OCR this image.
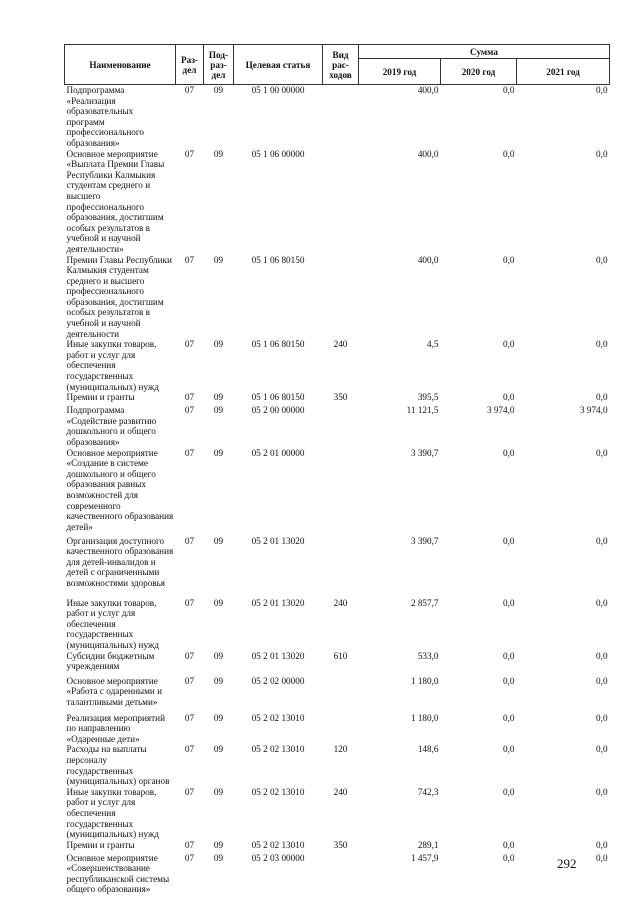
Наименование	Раз-дел	Под-раз-дел	Целевая статья	Вид рас-ходов	Сумма		
					2019 год	2020 год	2021 год
Подпрограмма «Реализация образовательных программ профессионального образования»	07	09	05 1 00 00000		400,0	0,0	0,0
Основное мероприятие «Выплата Премии Главы Республики Калмыкия студентам среднего и высшего профессионального образования, достигшим особых результатов в учебной и научной деятельности»	07	09	05 1 06 00000		400,0	0,0	0,0
Премии Главы Республики Калмыкия студентам среднего и высшего профессионального образования, достигшим особых результатов в учебной и научной деятельности	07	09	05 1 06 80150		400,0	0,0	0,0
Иные закупки товаров, работ и услуг для обеспечения государственных (муниципальных) нужд	07	09	05 1 06 80150	240	4,5	0,0	0,0
Премии и гранты	07	09	05 1 06 80150	350	395,5	0,0	0,0
Подпрограмма «Содействие развитию дошкольного и общего образования»	07	09	05 2 00 00000		11 121,5	3 974,0	3 974,0
Основное мероприятие «Создание в системе дошкольного и общего образования равных возможностей для современного качественного образования детей»	07	09	05 2 01 00000		3 390,7	0,0	0,0
Организация доступного качественного образования для детей-инвалидов и детей с ограниченными возможностями здоровья	07	09	05 2 01 13020		3 390,7	0,0	0,0
Иные закупки товаров, работ и услуг для обеспечения государственных (муниципальных) нужд	07	09	05 2 01 13020	240	2 857,7	0,0	0,0
Субсидии бюджетным учреждениям	07	09	05 2 01 13020	610	533,0	0,0	0,0
Основное мероприятие «Работа с одаренными и талантливыми детьми»	07	09	05 2 02 00000		1 180,0	0,0	0,0
Реализация мероприятий по направлению «Одаренные дети»	07	09	05 2 02 13010		1 180,0	0,0	0,0
Расходы на выплаты персоналу государственных (муниципальных) органов	07	09	05 2 02 13010	120	148,6	0,0	0,0
Иные закупки товаров, работ и услуг для обеспечения государственных (муниципальных) нужд	07	09	05 2 02 13010	240	742,3	0,0	0,0
Премии и гранты	07	09	05 2 02 13010	350	289,1	0,0	0,0
Основное мероприятие «Совершенствование республиканской системы общего образования»	07	09	05 2 03 00000		1 457,9	0,0	0,0
292
